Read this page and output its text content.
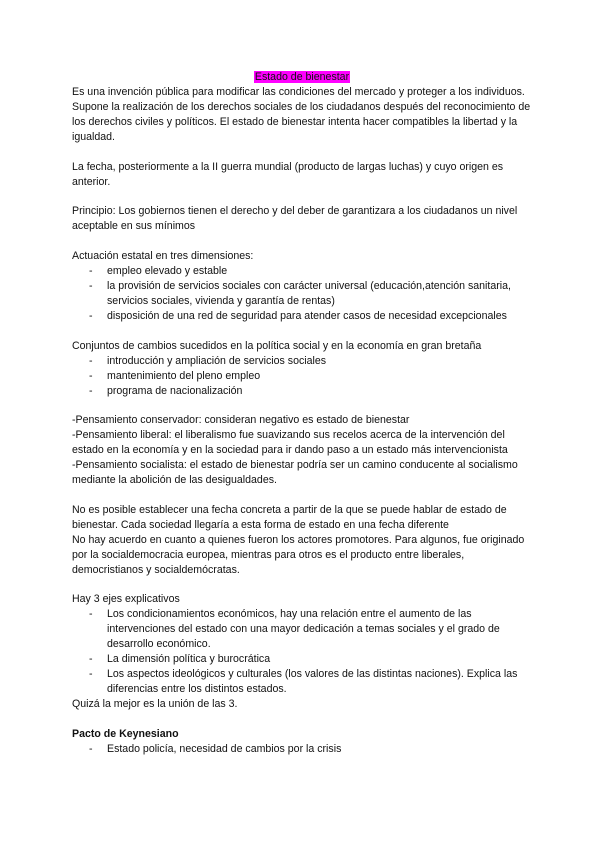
Estado de bienestar

Es una invención pública para modificar las condiciones del mercado y proteger a los individuos. Supone la realización de los derechos sociales de los ciudadanos después del reconocimiento de los derechos civiles y políticos. El estado de bienestar intenta hacer compatibles la libertad y la igualdad.

La fecha, posteriormente a la II guerra mundial (producto de largas luchas) y cuyo origen es anterior.

Principio: Los gobiernos tienen el derecho y del deber de garantizara a los ciudadanos un nivel aceptable en sus mínimos

Actuación estatal en tres dimensiones:

- empleo elevado y estable
- la provisión de servicios sociales con carácter universal (educación,atención sanitaria, servicios sociales, vivienda y garantía de rentas)
- disposición de una red de seguridad para atender casos de necesidad excepcionales

Conjuntos de cambios sucedidos en la política social y en la economía en gran bretaña

- introducción y ampliación de servicios sociales
- mantenimiento del pleno empleo
- programa de nacionalización

-Pensamiento conservador: consideran negativo es estado de bienestar

-Pensamiento liberal: el liberalismo fue suavizando sus recelos acerca de la intervención del estado en la economía y en la sociedad para ir dando paso a un estado más intervencionista

-Pensamiento socialista: el estado de bienestar podría ser un camino conducente al socialismo mediante la abolición de las desigualdades.

No es posible establecer una fecha concreta a partir de la que se puede hablar de estado de bienestar. Cada sociedad llegaría a esta forma de estado en una fecha diferente

No hay acuerdo en cuanto a quienes fueron los actores promotores. Para algunos, fue originado por la socialdemocracia europea, mientras para otros es el producto entre liberales, democristianos y socialdemócratas.

Hay 3 ejes explicativos

- Los condicionamientos económicos, hay una relación entre el aumento de las intervenciones del estado con una mayor dedicación a temas sociales y el grado de desarrollo económico.
- La dimensión política y burocrática
- Los aspectos ideológicos y culturales (los valores de las distintas naciones). Explica las diferencias entre los distintos estados.

Quizá la mejor es la unión de las 3.

Pacto de Keynesiano

- Estado policía, necesidad de cambios por la crisis
